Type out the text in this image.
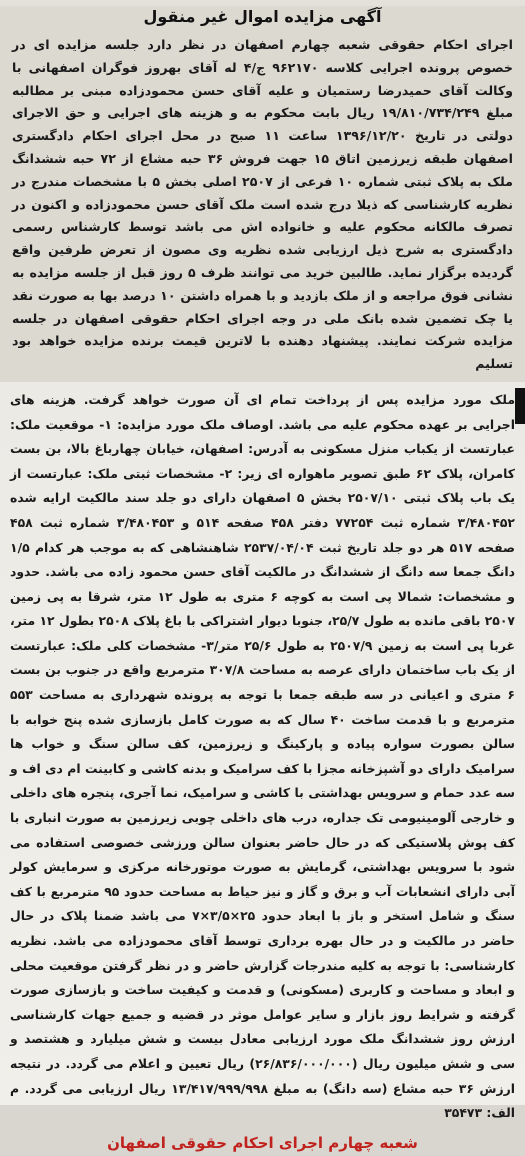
آگهی مزایده اموال غیر منقول

اجرای احکام حقوقی شعبه چهارم اصفهان در نظر دارد جلسه مزایده ای در خصوص پرونده اجرایی کلاسه ۹۶۲۱۷۰ ج/۴ له آقای بهروز فوگران اصفهانی با وکالت آقای حمیدرضا رستمیان و علیه آقای حسن محمودزاده مبنی بر مطالبه مبلغ ۱۹/۸۱۰/۷۳۴/۲۴۹ ریال بابت محکوم به و هزینه های اجرایی و حق الاجرای دولتی در تاریخ ۱۳۹۶/۱۲/۲۰ ساعت ۱۱ صبح در محل اجرای احکام دادگستری اصفهان طبقه زیرزمین اتاق ۱۵ جهت فروش ۳۶ حبه مشاع از ۷۲ حبه ششدانگ ملک به پلاک ثبتی شماره ۱۰ فرعی از ۲۵۰۷ اصلی بخش ۵ با مشخصات مندرج در نظریه کارشناسی که ذیلا درج شده است ملک آقای حسن محمودزاده و اکنون در تصرف مالکانه محکوم علیه و خانواده اش می باشد توسط کارشناس رسمی دادگستری به شرح ذیل ارزیابی شده نظریه وی مصون از تعرض طرفین واقع گردیده برگزار نماید. طالبین خرید می توانند ظرف ۵ روز قبل از جلسه مزایده به نشانی فوق مراجعه و از ملک بازدید و با همراه داشتن ۱۰ درصد بها به صورت نقد یا چک تضمین شده بانک ملی در وجه اجرای احکام حقوقی اصفهان در جلسه مزایده شرکت نمایند. پیشنهاد دهنده با لاترین قیمت برنده مزایده خواهد بود تسلیم

ملک مورد مزایده پس از پرداخت تمام ای آن صورت خواهد گرفت. هزینه های اجرایی بر عهده محکوم علیه می باشد. اوصاف ملک مورد مزایده: ۱- موقعیت ملک: عبارتست از یکباب منزل مسکونی به آدرس: اصفهان، خیابان چهارباغ بالا، بن بست کامران، پلاک ۶۲ طبق تصویر ماهواره ای زیر: ۲- مشخصات ثبتی ملک: عبارتست از یک باب پلاک ثبتی ۲۵۰۷/۱۰ بخش ۵ اصفهان دارای دو جلد سند مالکیت ارایه شده ۳/۴۸۰۴۵۲ شماره ثبت ۷۷۲۵۴ دفتر ۴۵۸ صفحه ۵۱۴ و ۳/۴۸۰۴۵۳ شماره ثبت ۴۵۸ صفحه ۵۱۷ هر دو جلد تاریخ ثبت ۲۵۳۷/۰۴/۰۴ شاهنشاهی که به موجب هر کدام ۱/۵ دانگ جمعا سه دانگ از ششدانگ در مالکیت آقای حسن محمود زاده می باشد. حدود و مشخصات: شمالا پی است به کوچه ۶ متری به طول ۱۲ متر، شرقا به پی زمین ۲۵۰۷ باقی مانده به طول ۲۵/۷، جنوبا دیوار اشتراکی با باغ پلاک ۲۵۰۸ بطول ۱۲ متر، غربا پی است به زمین ۲۵۰۷/۹ به طول ۲۵/۶ متر/۳- مشخصات کلی ملک: عبارتست از یک باب ساختمان دارای عرصه به مساحت ۳۰۷/۸ مترمربع واقع در جنوب بن بست ۶ متری و اعیانی در سه طبقه جمعا با توجه به پرونده شهرداری به مساحت ۵۵۳ مترمربع و با قدمت ساخت ۴۰ سال که به صورت کامل بازسازی شده پنج خوابه با سالن بصورت سواره پیاده و پارکینگ و زیرزمین، کف سالن سنگ و خواب ها سرامیک دارای دو آشپزخانه مجزا با کف سرامیک و بدنه کاشی و کابینت ام دی اف و سه عدد حمام و سرویس بهداشتی با کاشی و سرامیک، نما آجری، پنجره های داخلی و خارجی آلومینیومی تک جداره، درب های داخلی چوبی زیرزمین به صورت انباری با کف پوش پلاستیکی که در حال حاضر بعنوان سالن ورزشی خصوصی استفاده می شود با سرویس بهداشتی، گرمایش به صورت موتورخانه مرکزی و سرمایش کولر آبی دارای انشعابات آب و برق و گاز و نیز حیاط به مساحت حدود ۹۵ مترمربع با کف سنگ و شامل استخر و باز با ابعاد حدود ۲۵×۳/۵×۷ می باشد ضمنا پلاک در حال حاضر در مالکیت و در حال بهره برداری توسط آقای محمودزاده می باشد. نظریه کارشناسی: با توجه به کلیه مندرجات گزارش حاضر و در نظر گرفتن موقعیت محلی و ابعاد و مساحت و کاربری (مسکونی) و قدمت و کیفیت ساخت و بازسازی صورت گرفته و شرایط روز بازار و سایر عوامل موثر در قضیه و جمیع جهات کارشناسی ارزش روز ششدانگ ملک مورد ارزیابی معادل بیست و شش میلیارد و هشتصد و سی و شش میلیون ریال (۲۶/۸۳۶/۰۰۰/۰۰۰) ریال تعیین و اعلام می گردد. در نتیجه ارزش ۳۶ حبه مشاع (سه دانگ) به مبلغ ۱۳/۴۱۷/۹۹۹/۹۹۸ ریال ارزیابی می گردد. م الف: ۳۵۴۷۳

شعبه چهارم اجرای احکام حقوقی اصفهان
